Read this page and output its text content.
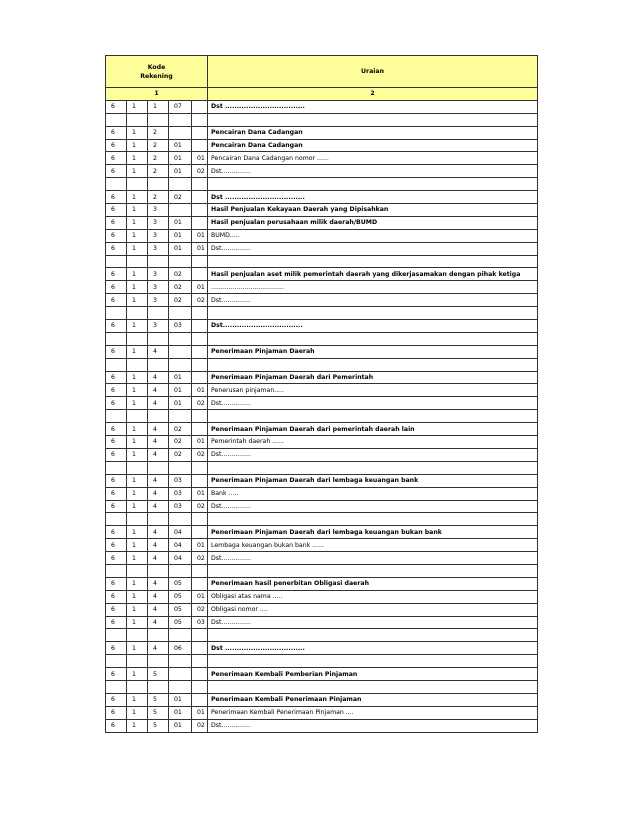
Kode
Rekening					Uraian
1					2
6	1	1	07		Dst ..................................

6	1	2			Pencairan Dana Cadangan
6	1	2	01		Pencairan Dana Cadangan
6	1	2	01	01	Pencairan Dana Cadangan nomor ......
6	1	2	01	02	Dst...............

6	1	2	02		Dst ..................................
6	1	3			Hasil Penjualan Kekayaan Daerah yang Dipisahkan
6	1	3	01		Hasil penjualan perusahaan milik daerah/BUMD
6	1	3	01	01	BUMD.....
6	1	3	01	01	Dst...............

6	1	3	02		Hasil penjualan aset milik pemerintah daerah yang dikerjasamakan dengan pihak ketiga
6	1	3	02	01	.....................................
6	1	3	02	02	Dst...............

6	1	3	03		Dst..................................

6	1	4			Penerimaan Pinjaman Daerah

6	1	4	01		Penerimaan Pinjaman Daerah dari Pemerintah
6	1	4	01	01	Penerusan pinjaman.....
6	1	4	01	02	Dst...............

6	1	4	02		Penerimaan Pinjaman Daerah dari pemerintah daerah lain
6	1	4	02	01	Pemerintah daerah ......
6	1	4	02	02	Dst...............

6	1	4	03		Penerimaan Pinjaman Daerah dari lembaga keuangan bank
6	1	4	03	01	Bank .....
6	1	4	03	02	Dst...............

6	1	4	04		Penerimaan Pinjaman Daerah dari lembaga keuangan bukan bank
6	1	4	04	01	Lembaga keuangan bukan bank ......
6	1	4	04	02	Dst...............

6	1	4	05		Penerimaan hasil penerbitan Obligasi daerah
6	1	4	05	01	Obligasi atas nama .....
6	1	4	05	02	Obligasi nomor ....
6	1	4	05	03	Dst...............

6	1	4	06		Dst ..................................

6	1	5			Penerimaan Kembali Pemberian Pinjaman

6	1	5	01		Penerimaan Kembali Penerimaan Pinjaman
6	1	5	01	01	Penerimaan Kembali Penerimaan Pinjaman ....
6	1	5	01	02	Dst...............
